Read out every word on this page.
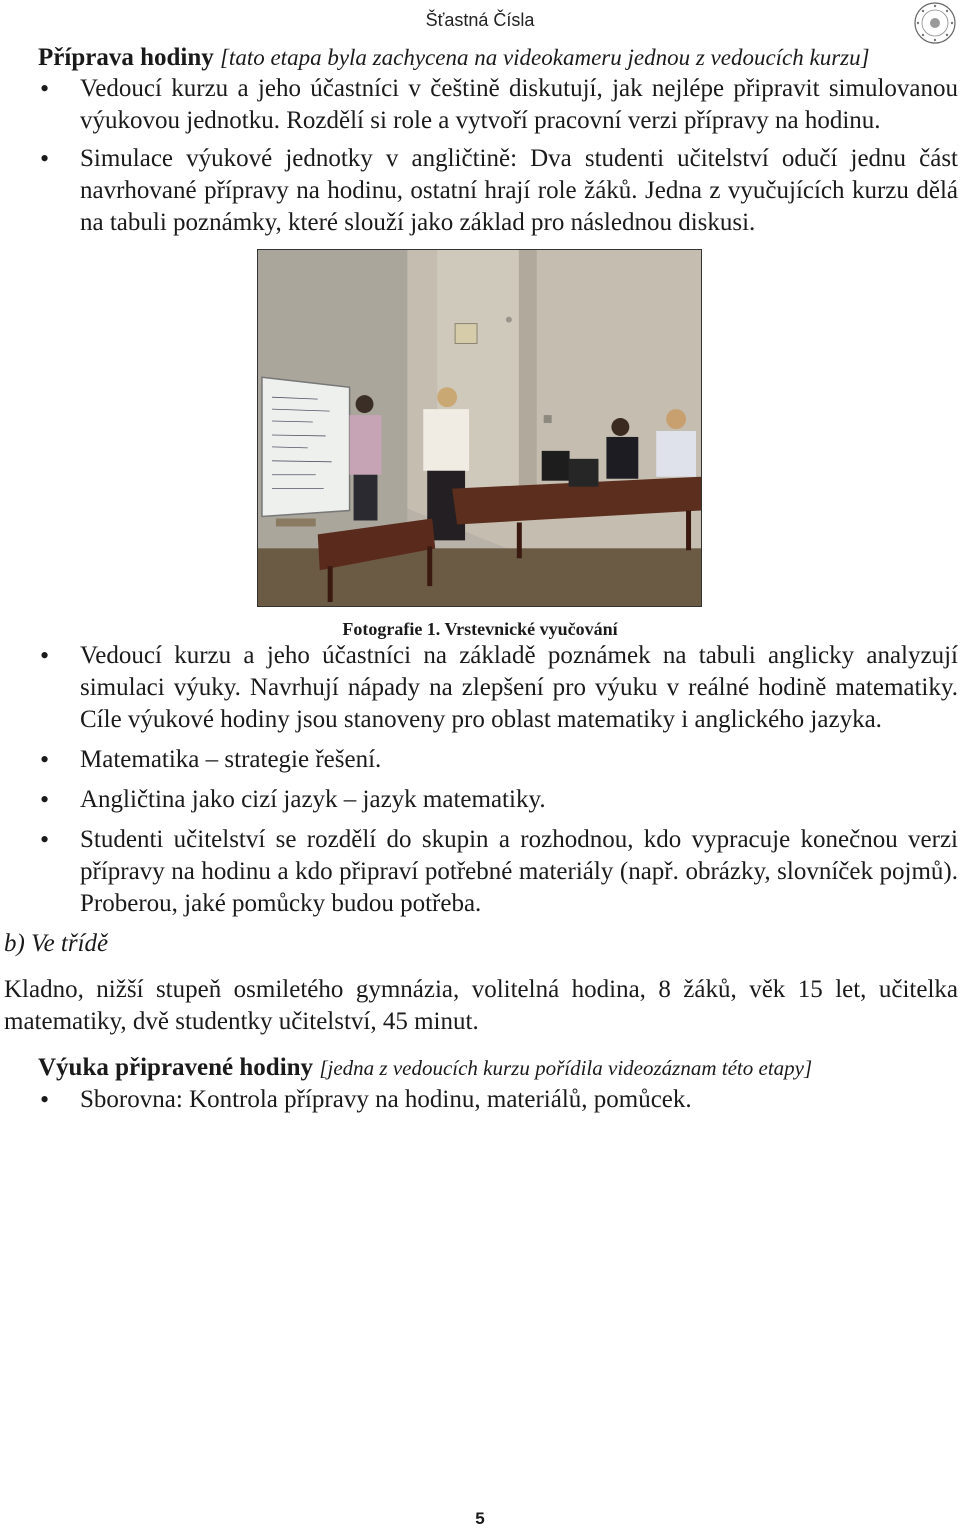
Šťastná Čísla
Příprava hodiny [tato etapa byla zachycena na videokameru jednou z vedoucích kurzu]
• Vedoucí kurzu a jeho účastníci v češtině diskutují, jak nejlépe připravit simulovanou výukovou jednotku. Rozdělí si role a vytvoří pracovní verzi přípravy na hodinu.
• Simulace výukové jednotky v angličtině: Dva studenti učitelství odučí jednu část navrhované přípravy na hodinu, ostatní hrají role žáků. Jedna z vyučujících kurzu dělá na tabuli poznámky, které slouží jako základ pro následnou diskusi.
Fotografie 1. Vrstevnické vyučování
• Vedoucí kurzu a jeho účastníci na základě poznámek na tabuli anglicky analyzují simulaci výuky. Navrhují nápady na zlepšení pro výuku v reálné hodině matematiky. Cíle výukové hodiny jsou stanoveny pro oblast matematiky i anglického jazyka.
• Matematika – strategie řešení.
• Angličtina jako cizí jazyk – jazyk matematiky.
• Studenti učitelství se rozdělí do skupin a rozhodnou, kdo vypracuje konečnou verzi přípravy na hodinu a kdo připraví potřebné materiály (např. obrázky, slovníček pojmů). Proberou, jaké pomůcky budou potřeba.
b) Ve třídě
Kladno, nižší stupeň osmiletého gymnázia, volitelná hodina, 8 žáků, věk 15 let, učitelka matematiky, dvě studentky učitelství, 45 minut.
Výuka připravené hodiny [jedna z vedoucích kurzu pořídila videozáznam této etapy]
• Sborovna: Kontrola přípravy na hodinu, materiálů, pomůcek.
5
